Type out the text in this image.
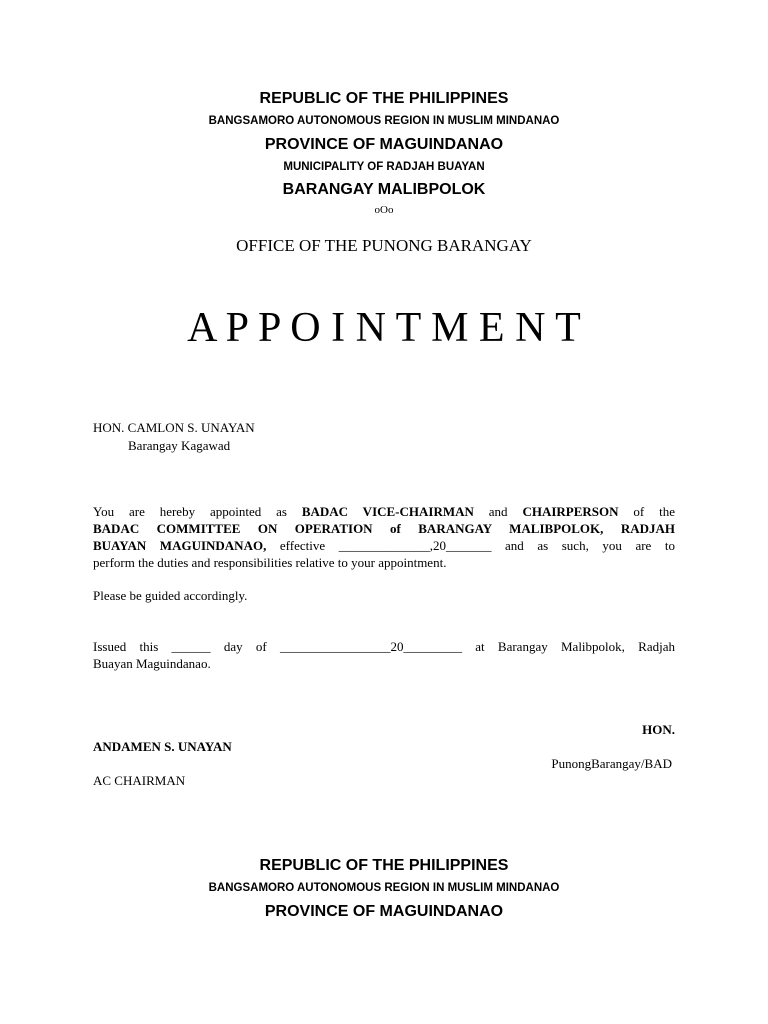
REPUBLIC OF THE PHILIPPINES

BANGSAMORO AUTONOMOUS REGION IN MUSLIM MINDANAO

PROVINCE OF MAGUINDANAO

MUNICIPALITY OF RADJAH BUAYAN

BARANGAY MALIBPOLOK

oOo

OFFICE OF THE PUNONG BARANGAY

A P P O I N T M E N T

HON. CAMLON S. UNAYAN

Barangay Kagawad

You are hereby appointed as BADAC VICE-CHAIRMAN and CHAIRPERSON of the
BADAC COMMITTEE ON OPERATION of BARANGAY MALIBPOLOK, RADJAH
BUAYAN MAGUINDANAO, effective ______________,20_______ and as such, you are to
perform the duties and responsibilities relative to your appointment.

Please be guided accordingly.

Issued this ______ day of _________________20_________ at Barangay Malibpolok, Radjah
Buayan Maguindanao.

HON.

ANDAMEN S. UNAYAN

PunongBarangay/BAD

AC CHAIRMAN

REPUBLIC OF THE PHILIPPINES

BANGSAMORO AUTONOMOUS REGION IN MUSLIM MINDANAO

PROVINCE OF MAGUINDANAO
